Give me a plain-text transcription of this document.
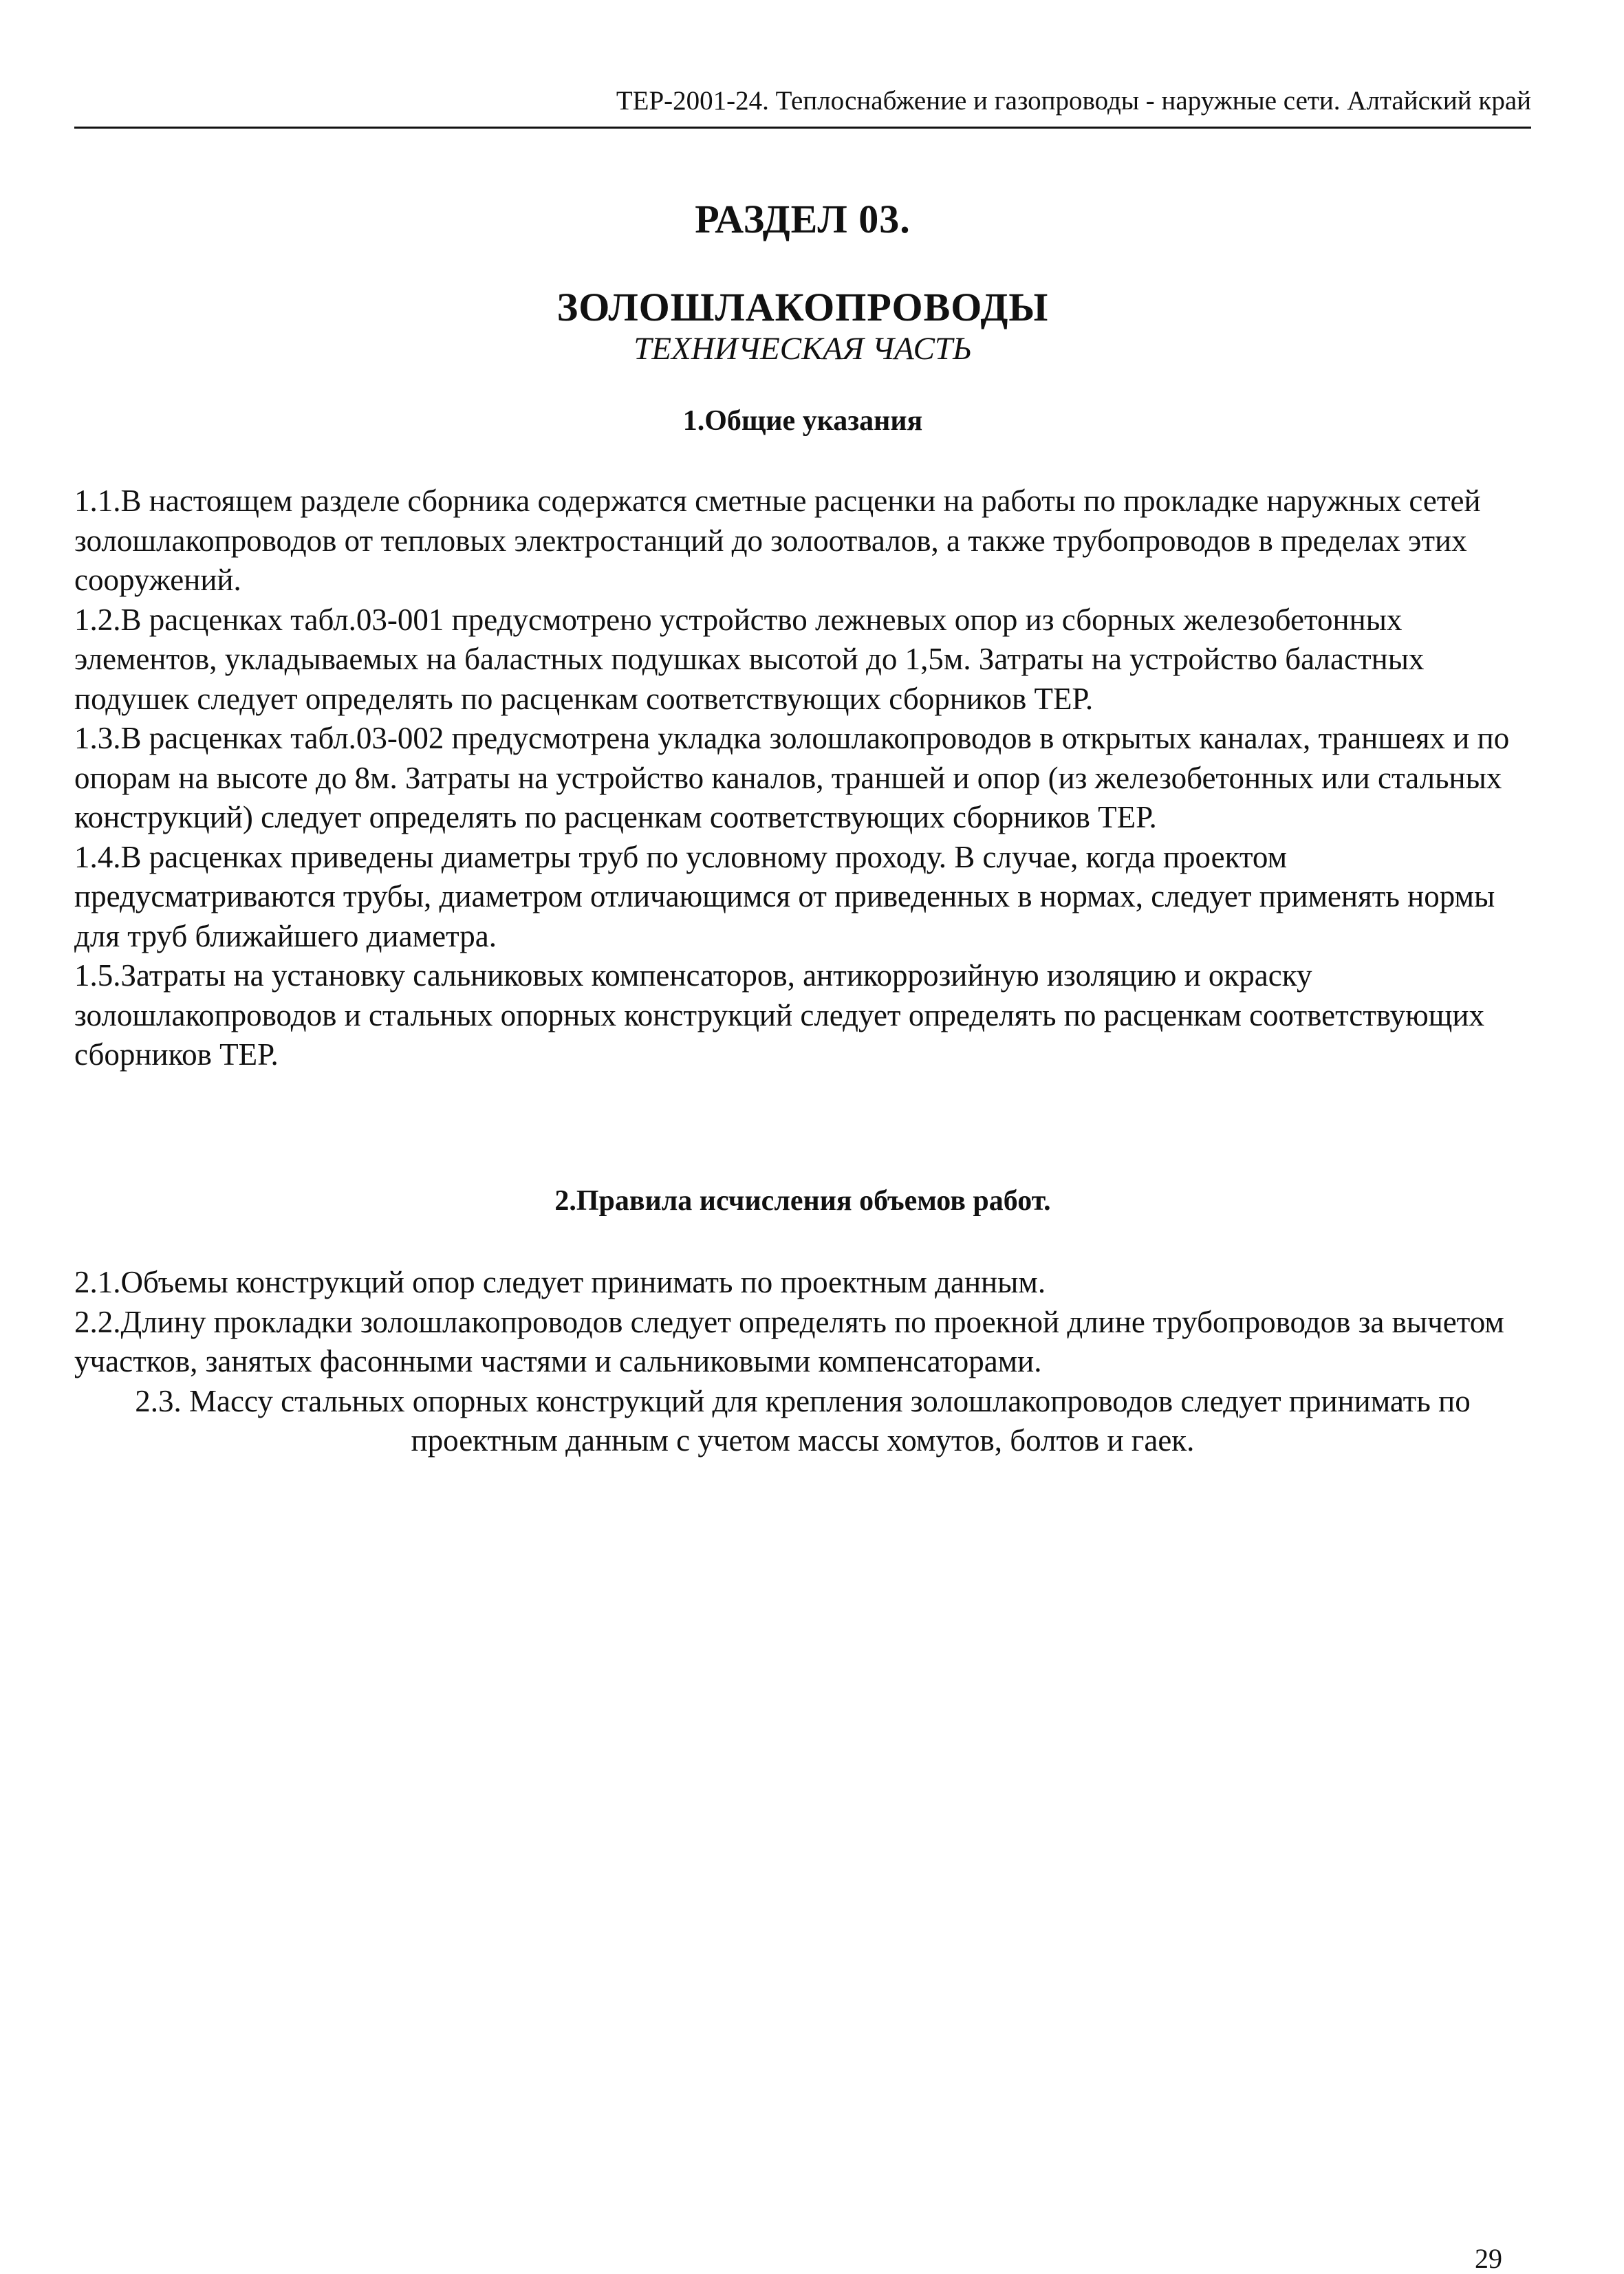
ТЕР-2001-24. Теплоснабжение и газопроводы - наружные сети. Алтайский край
РАЗДЕЛ 03.
ЗОЛОШЛАКОПРОВОДЫ
ТЕХНИЧЕСКАЯ ЧАСТЬ
1.Общие указания

1.1.В настоящем разделе сборника содержатся сметные расценки на работы по прокладке наружных сетей золошлакопроводов от тепловых электростанций до золоотвалов, а также трубопроводов в пределах этих сооружений.

1.2.В расценках табл.03-001 предусмотрено устройство лежневых опор из сборных железобетонных элементов, укладываемых на баластных подушках высотой до 1,5м. Затраты на устройство баластных подушек следует определять по расценкам соответствующих сборников ТЕР.

1.3.В расценках табл.03-002 предусмотрена укладка золошлакопроводов в открытых каналах, траншеях и по опорам на высоте до 8м. Затраты на устройство каналов, траншей и опор (из железобетонных или стальных конструкций) следует определять по расценкам соответствующих сборников ТЕР.

1.4.В расценках приведены диаметры труб по условному проходу. В случае, когда проектом предусматриваются трубы, диаметром отличающимся от приведенных в нормах, следует применять нормы для труб ближайшего диаметра.

1.5.Затраты на установку сальниковых компенсаторов, антикоррозийную изоляцию и окраску золошлакопроводов и стальных опорных конструкций следует определять по расценкам соответствующих сборников ТЕР.

2.Правила исчисления объемов работ.

2.1.Объемы конструкций опор следует принимать по проектным данным.

2.2.Длину прокладки золошлакопроводов следует определять по проекной длине трубопроводов за вычетом участков, занятых фасонными частями и сальниковыми компенсаторами.

2.3. Массу стальных опорных конструкций для крепления золошлакопроводов следует принимать по проектным данным с учетом массы хомутов, болтов и гаек.

29
